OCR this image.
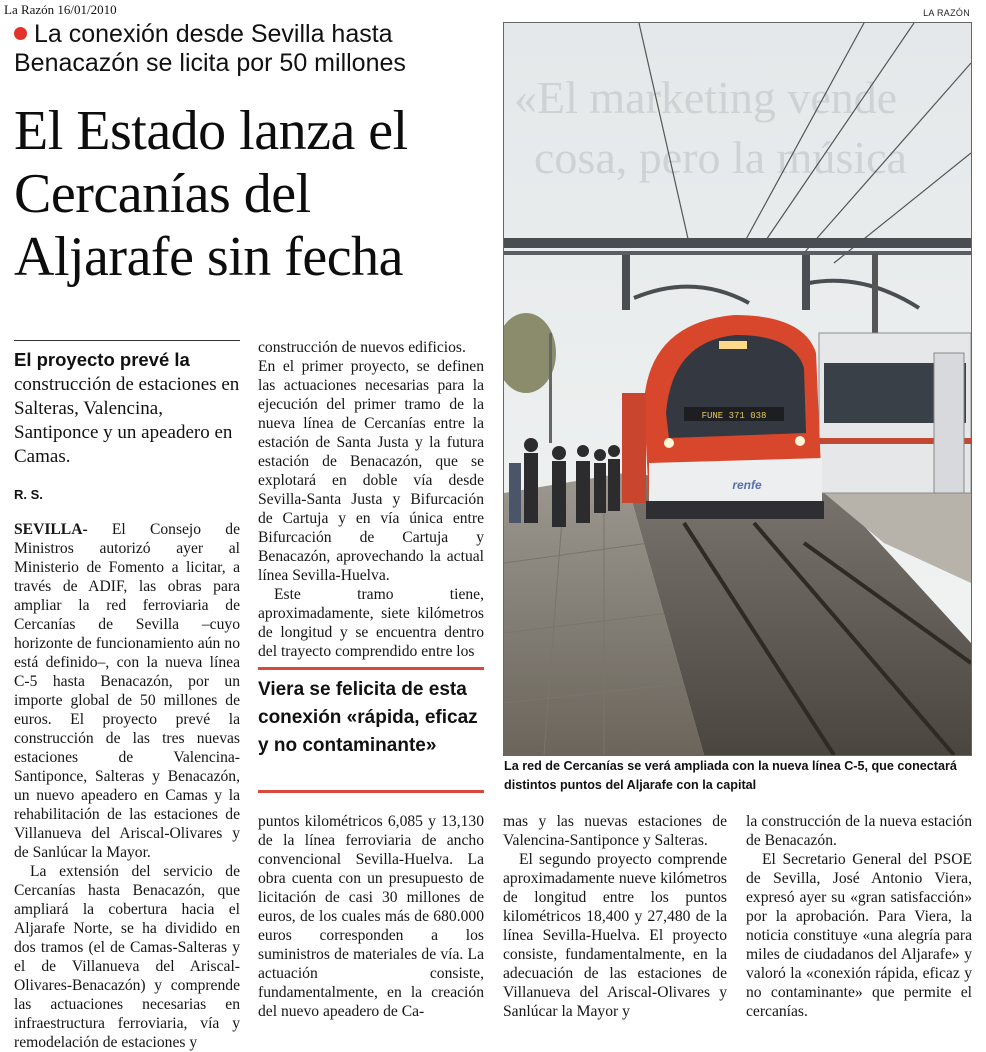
La Razón 16/01/2010	LA RAZÓN
La conexión desde Sevilla hasta Benacazón se licita por 50 millones
El Estado lanza el
Cercanías del
Aljarafe sin fecha
El proyecto prevé la construcción de estaciones en Salteras, Valencina, Santiponce y un apeadero en Camas.
R. S.

SEVILLA- El Consejo de Ministros autorizó ayer al Ministerio de Fomento a licitar, a través de ADIF, las obras para ampliar la red ferroviaria de Cercanías de Sevilla –cuyo horizonte de funcionamiento aún no está definido–, con la nueva línea C-5 hasta Benacazón, por un importe global de 50 millones de euros. El proyecto prevé la construcción de las tres nuevas estaciones de Valencina-Santiponce, Salteras y Benacazón, un nuevo apeadero en Camas y la rehabilitación de las estaciones de Villanueva del Ariscal-Olivares y de Sanlúcar la Mayor.

La extensión del servicio de Cercanías hasta Benacazón, que ampliará la cobertura hacia el Aljarafe Norte, se ha dividido en dos tramos (el de Camas-Salteras y el de Villanueva del Ariscal-Olivares-Benacazón) y comprende las actuaciones necesarias en infraestructura ferroviaria, vía y remodelación de estaciones y

construcción de nuevos edificios.

En el primer proyecto, se definen las actuaciones necesarias para la ejecución del primer tramo de la nueva línea de Cercanías entre la estación de Santa Justa y la futura estación de Benacazón, que se explotará en doble vía desde Sevilla-Santa Justa y Bifurcación de Cartuja y en vía única entre Bifurcación de Cartuja y Benacazón, aprovechando la actual línea Sevilla-Huelva.

Este tramo tiene, aproximadamente, siete kilómetros de longitud y se encuentra dentro del trayecto comprendido entre los

Viera se felicita de esta conexión «rápida, eficaz y no contaminante»

puntos kilométricos 6,085 y 13,130 de la línea ferroviaria de ancho convencional Sevilla-Huelva. La obra cuenta con un presupuesto de licitación de casi 30 millones de euros, de los cuales más de 680.000 euros corresponden a los suministros de materiales de vía. La actuación consiste, fundamentalmente, en la creación del nuevo apeadero de Ca-

mas y las nuevas estaciones de Valencina-Santiponce y Salteras.

El segundo proyecto comprende aproximadamente nueve kilómetros de longitud entre los puntos kilométricos 18,400 y 27,480 de la línea Sevilla-Huelva. El proyecto consiste, fundamentalmente, en la adecuación de las estaciones de Villanueva del Ariscal-Olivares y Sanlúcar la Mayor y

la construcción de la nueva estación de Benacazón.

El Secretario General del PSOE de Sevilla, José Antonio Viera, expresó ayer su «gran satisfacción» por la aprobación. Para Viera, la noticia constituye «una alegría para miles de ciudadanos del Aljarafe» y valoró la «conexión rápida, eficaz y no contaminante» que permite el cercanías.

«El marketing vende
cosa, pero la música
FUNE 371 038
renfe
La red de Cercanías se verá ampliada con la nueva línea C-5, que conectará distintos puntos del Aljarafe con la capital
